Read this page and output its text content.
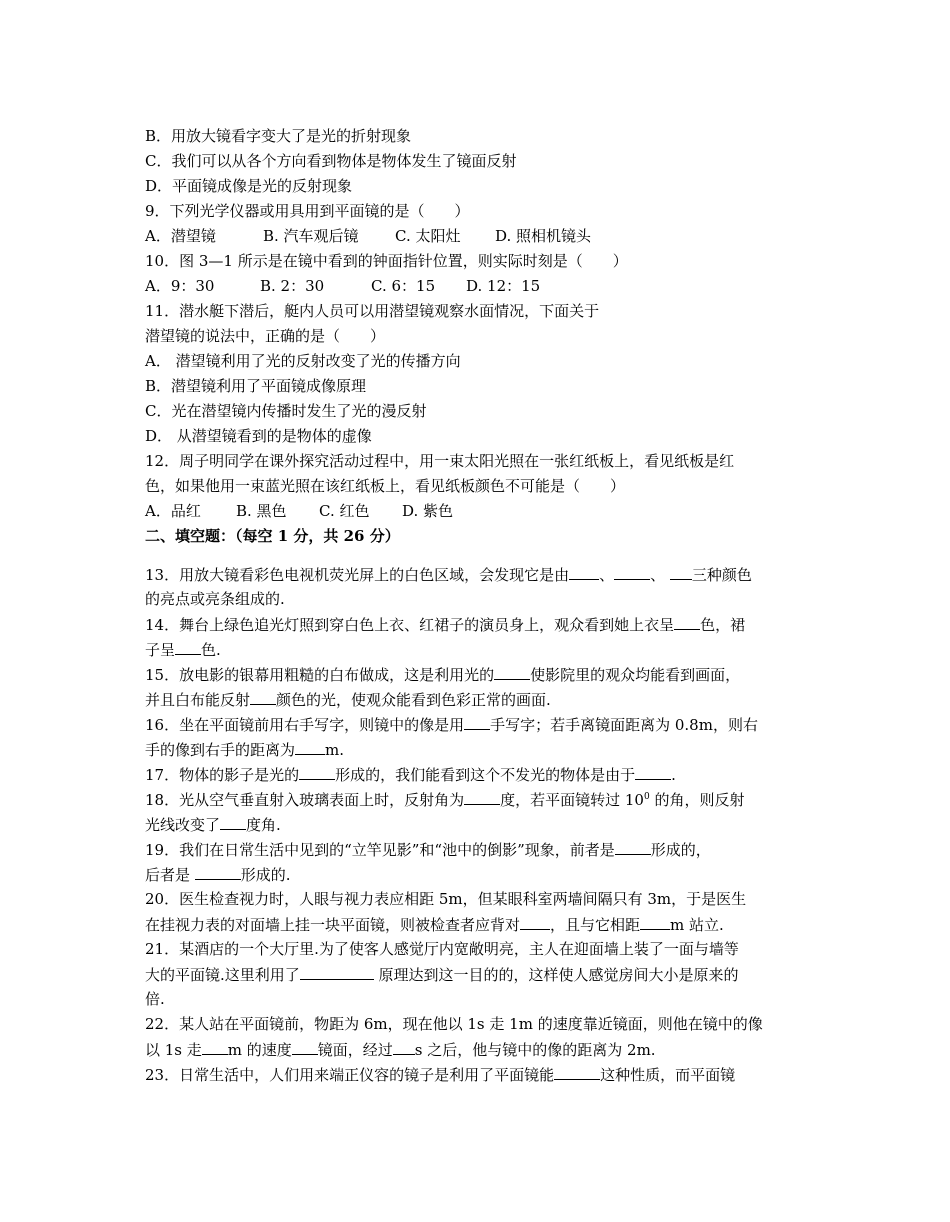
B．用放大镜看字变大了是光的折射现象
C．我们可以从各个方向看到物体是物体发生了镜面反射
D．平面镜成像是光的反射现象
9．下列光学仪器或用具用到平面镜的是（　　）
A．潜望镜	B. 汽车观后镜 C. 太阳灶 D. 照相机镜头
10．图 3—1 所示是在镜中看到的钟面指针位置，则实际时刻是（　　）
A．9：30	B. 2：30	C. 6：15 D. 12：15
11．潜水艇下潜后，艇内人员可以用潜望镜观察水面情况，下面关于
潜望镜的说法中，正确的是（　　）
A． 潜望镜利用了光的反射改变了光的传播方向
B．潜望镜利用了平面镜成像原理
C．光在潜望镜内传播时发生了光的漫反射
D． 从潜望镜看到的是物体的虚像
12．周子明同学在课外探究活动过程中，用一束太阳光照在一张红纸板上，看见纸板是红
色，如果他用一束蓝光照在该红纸板上，看见纸板颜色不可能是（　　）
A．品红 B. 黑色 C. 红色 D. 紫色
二、填空题：（每空 1 分，共 26 分）
13．用放大镜看彩色电视机荧光屏上的白色区域，会发现它是由 、 、 三种颜色
的亮点或亮条组成的.
14．舞台上绿色追光灯照到穿白色上衣、红裙子的演员身上，观众看到她上衣呈 色，裙
子呈 色.
15．放电影的银幕用粗糙的白布做成，这是利用光的 使影院里的观众均能看到画面，
并且白布能反射 颜色的光，使观众能看到色彩正常的画面.
16．坐在平面镜前用右手写字，则镜中的像是用 手写字；若手离镜面距离为 0.8m，则右
手的像到右手的距离为 m.
17．物体的影子是光的 形成的，我们能看到这个不发光的物体是由于 .
18．光从空气垂直射入玻璃表面上时，反射角为 度，若平面镜转过 $10^0$ 的角，则反射
光线改变了 度角.
19．我们在日常生活中见到的“立竿见影”和“池中的倒影”现象，前者是 形成的，
后者是	形成的.
20．医生检查视力时，人眼与视力表应相距 5m，但某眼科室两墙间隔只有 3m，于是医生
在挂视力表的对面墙上挂一块平面镜，则被检查者应背对 ，且与它相距 m 站立.
21．某酒店的一个大厅里.为了使客人感觉厅内宽敞明亮，主人在迎面墙上装了一面与墙等
大的平面镜.这里利用了	原理达到这一目的的，这样使人感觉房间大小是原来的
倍.
22．某人站在平面镜前，物距为 6m，现在他以 1s 走 1m 的速度靠近镜面，则他在镜中的像
以 1s 走 m 的速度 镜面，经过 s 之后，他与镜中的像的距离为 2m.
23．日常生活中，人们用来端正仪容的镜子是利用了平面镜能	这种性质，而平面镜
